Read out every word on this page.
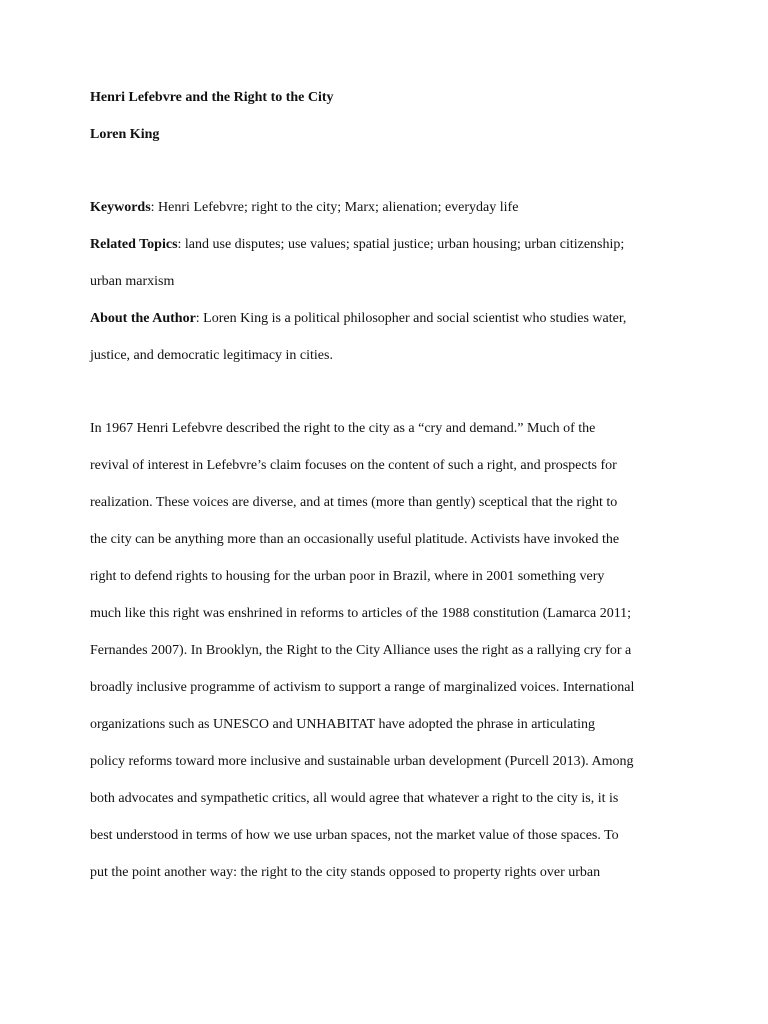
Henri Lefebvre and the Right to the City

Loren King

Keywords: Henri Lefebvre; right to the city; Marx; alienation; everyday life

Related Topics: land use disputes; use values; spatial justice; urban housing; urban citizenship;

urban marxism

About the Author: Loren King is a political philosopher and social scientist who studies water,

justice, and democratic legitimacy in cities.

In 1967 Henri Lefebvre described the right to the city as a “cry and demand.” Much of the

revival of interest in Lefebvre’s claim focuses on the content of such a right, and prospects for

realization. These voices are diverse, and at times (more than gently) sceptical that the right to

the city can be anything more than an occasionally useful platitude. Activists have invoked the

right to defend rights to housing for the urban poor in Brazil, where in 2001 something very

much like this right was enshrined in reforms to articles of the 1988 constitution (Lamarca 2011;

Fernandes 2007). In Brooklyn, the Right to the City Alliance uses the right as a rallying cry for a

broadly inclusive programme of activism to support a range of marginalized voices. International

organizations such as UNESCO and UNHABITAT have adopted the phrase in articulating

policy reforms toward more inclusive and sustainable urban development (Purcell 2013). Among

both advocates and sympathetic critics, all would agree that whatever a right to the city is, it is

best understood in terms of how we use urban spaces, not the market value of those spaces. To

put the point another way: the right to the city stands opposed to property rights over urban
